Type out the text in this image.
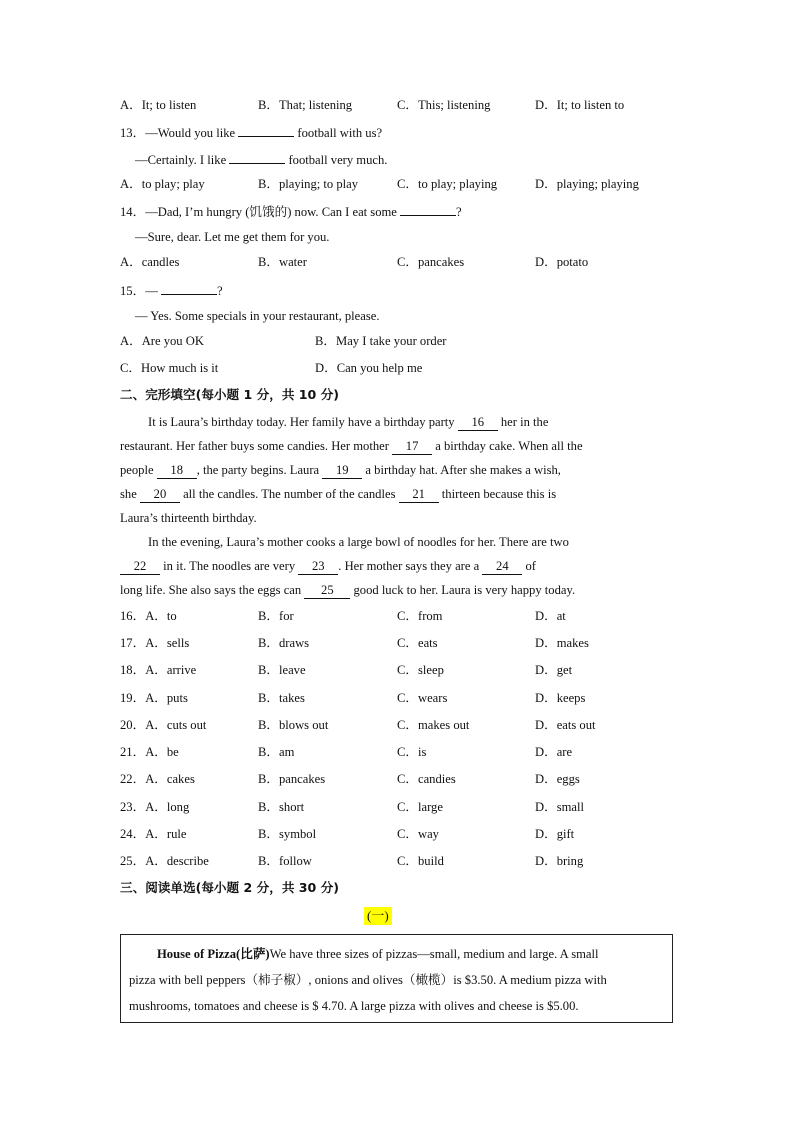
A．It; to listen	B．That; listening	C．This; listening	D．It; to listen to
13．—Would you like	football with us?
—Certainly. I like	football very much.
A．to play; play	B．playing; to play	C．to play; playing	D．playing; playing
14．—Dad, I’m hungry (饥饿的) now. Can I eat some	?
—Sure, dear. Let me get them for you.
A．candles	B．water	C．pancakes	D．potato
15．—	?
— Yes. Some specials in your restaurant, please.
A．Are you OK	B．May I take your order
C．How much is it	D．Can you help me
二、完形填空(每小题 1 分，共 10 分)
It is Laura’s birthday today. Her family have a birthday party 16 her in the
restaurant. Her father buys some candies. Her mother 17 a birthday cake. When all the
people 18 , the party begins. Laura 19 a birthday hat. After she makes a wish,
she 20 all the candles. The number of the candles 21 thirteen because this is
Laura’s thirteenth birthday.
In the evening, Laura’s mother cooks a large bowl of noodles for her. There are two
22 in it. The noodles are very 23 . Her mother says they are a 24 of
long life. She also says the eggs can 25 good luck to her. Laura is very happy today.
16．A．to	B．for	C．from	D．at
17．A．sells	B．draws	C．eats	D．makes
18．A．arrive	B．leave	C．sleep	D．get
19．A．puts	B．takes	C．wears	D．keeps
20．A．cuts out	B．blows out	C．makes out	D．eats out
21．A．be	B．am	C．is	D．are
22．A．cakes	B．pancakes	C．candies	D．eggs
23．A．long	B．short	C．large	D．small
24．A．rule	B．symbol	C．way	D．gift
25．A．describe	B．follow	C．build	D．bring
三、阅读单选(每小题 2 分，共 30 分)
(一)
House of Pizza(比萨)We have three sizes of pizzas—small, medium and large. A small
pizza with bell peppers（柿子椒）, onions and olives（橄榄）is $3.50. A medium pizza with
mushrooms, tomatoes and cheese is $ 4.70. A large pizza with olives and cheese is $5.00.
